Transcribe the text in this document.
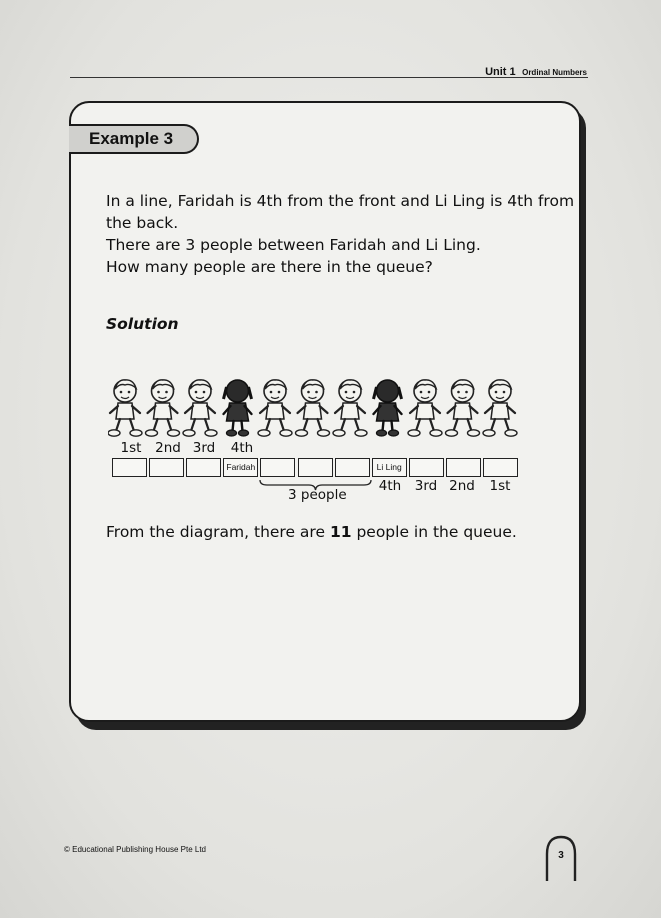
Unit 1 Ordinal Numbers
Example 3

In a line, Faridah is 4th from the front and Li Ling is 4th from

the back.

There are 3 people between Faridah and Li Ling.

How many people are there in the queue?

Solution
1st	2nd 3rd	4th
Faridah	Li Ling
3 people
4th	3rd 2nd	1st
From the diagram, there are 11 people in the queue.
© Educational Publishing House Pte Ltd
3
